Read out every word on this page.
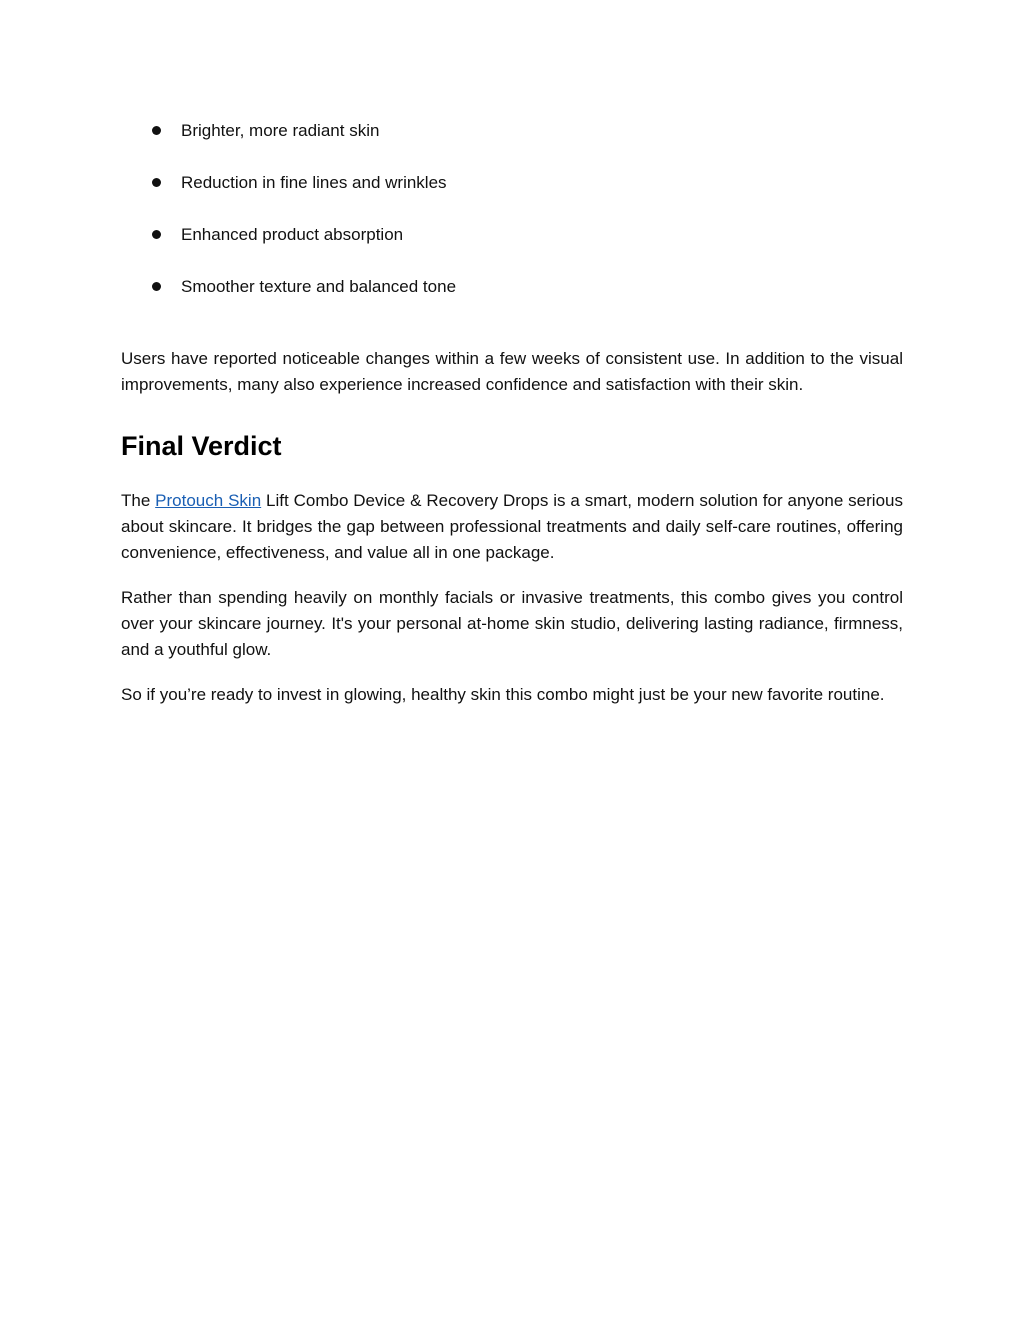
Brighter, more radiant skin
Reduction in fine lines and wrinkles
Enhanced product absorption
Smoother texture and balanced tone

Users have reported noticeable changes within a few weeks of consistent use. In addition to the visual improvements, many also experience increased confidence and satisfaction with their skin.

Final Verdict

The Protouch Skin Lift Combo Device & Recovery Drops is a smart, modern solution for anyone serious about skincare. It bridges the gap between professional treatments and daily self-care routines, offering convenience, effectiveness, and value all in one package.

Rather than spending heavily on monthly facials or invasive treatments, this combo gives you control over your skincare journey. It's your personal at-home skin studio, delivering lasting radiance, firmness, and a youthful glow.

So if you’re ready to invest in glowing, healthy skin this combo might just be your new favorite routine.
